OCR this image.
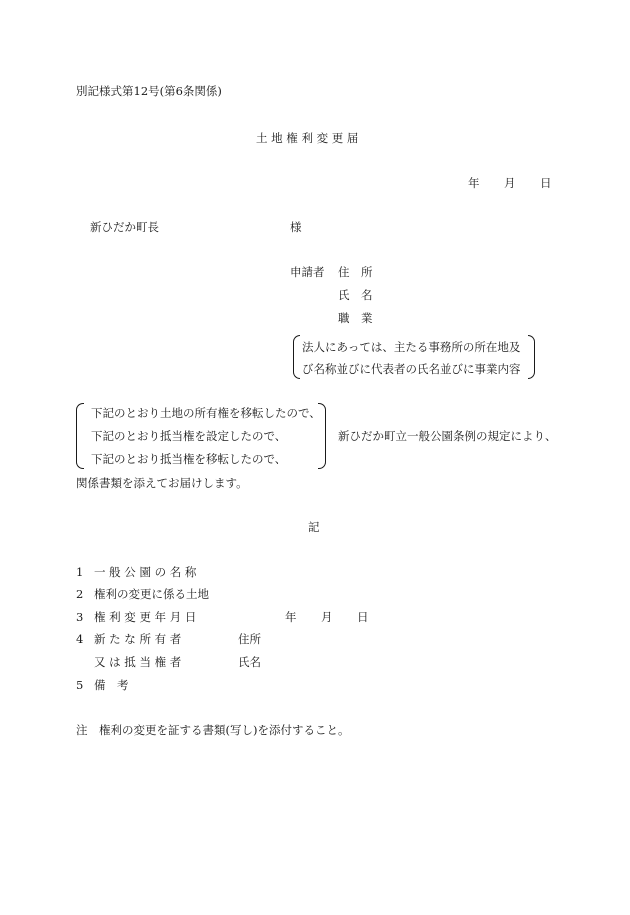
別記様式第12号(第6条関係)
土 地 権 利 変 更 届
年 月 日
新ひだか町長	様
申請者 住　所
氏　名
職　業
法人にあっては、主たる事務所の所在地及
び名称並びに代表者の氏名並びに事業内容
下記のとおり土地の所有権を移転したので、
下記のとおり抵当権を設定したので、
下記のとおり抵当権を移転したので、
新ひだか町立一般公園条例の規定により、
関係書類を添えてお届けします。
記
1 一 般 公 園 の 名 称
2 権利の変更に係る土地
3 権 利 変 更 年 月 日	年 月 日
4 新 た な 所 有 者	住所
又 は 抵 当 権 者	氏名
5 備　考
注　権利の変更を証する書類(写し)を添付すること。
